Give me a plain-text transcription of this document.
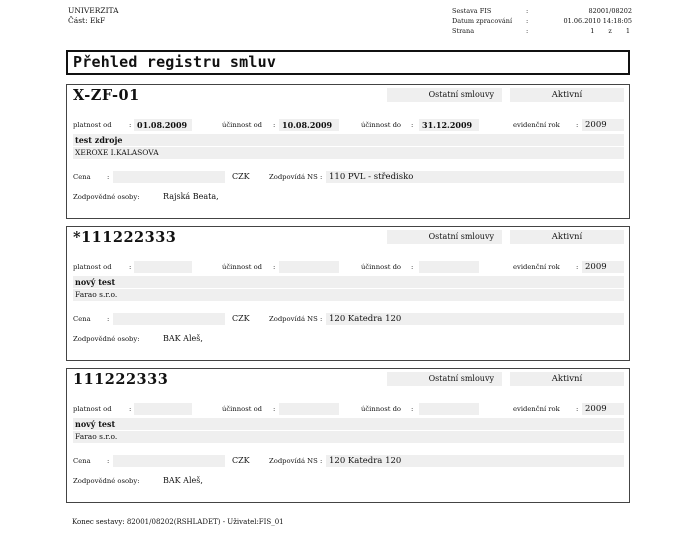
UNIVERZITA
Část: EkF
Sestava FIS	:	82001/08202
Datum zpracování	:	01.06.2010 14:18:05
Strana	:	1 z 1
Přehled registru smluv
X-ZF-01	Ostatní smlouvy	Aktivní
platnost od	: 01.08.2009	účinnost od : 10.08.2009	účinnost do :	31.12.2009	evidenční rok : 2009
test zdroje
XEROXE I.KALASOVA
Cena :	CZK	Zodpovídá NS : 110 PVL - středisko
Zodpovědné osoby:	Rajská Beata,
*111222333	Ostatní smlouvy	Aktivní
platnost od	:	účinnost od :	účinnost do :	evidenční rok : 2009
nový test
Farao s.r.o.
Cena :	CZK	Zodpovídá NS : 120 Katedra 120
Zodpovědné osoby:	BAK Aleš,
111222333	Ostatní smlouvy	Aktivní
platnost od	:	účinnost od :	účinnost do :	evidenční rok : 2009
nový test
Farao s.r.o.
Cena :	CZK	Zodpovídá NS : 120 Katedra 120
Zodpovědné osoby:	BAK Aleš,
Konec sestavy: 82001/08202(RSHLADET) - Uživatel:FIS_01
